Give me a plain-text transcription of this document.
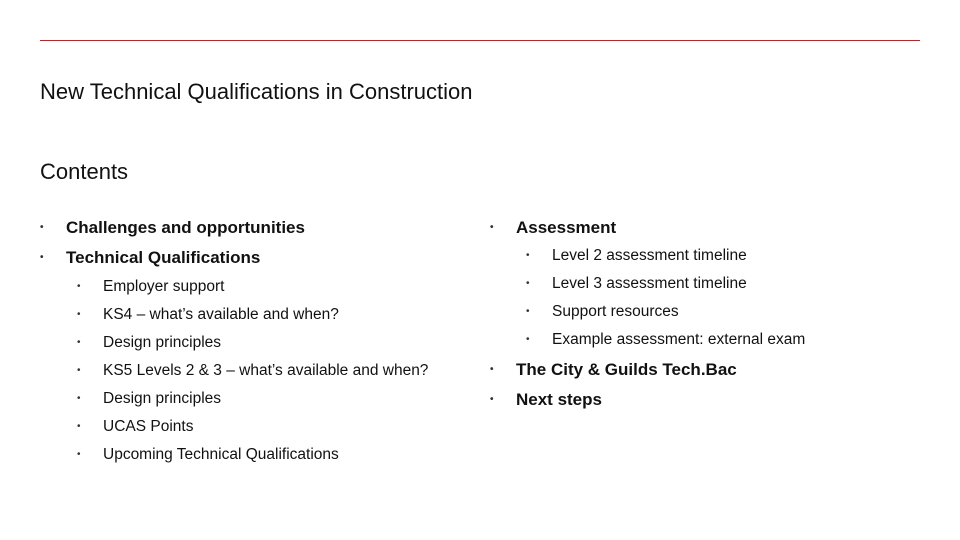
New Technical Qualifications in Construction
Contents
• Challenges and opportunities
• Technical Qualifications
• Employer support
• KS4 – what’s available and when?
• Design principles
• KS5 Levels 2 & 3 – what’s available and when?
• Design principles
• UCAS Points
• Upcoming Technical Qualifications
• Assessment
• Level 2 assessment timeline
• Level 3 assessment timeline
• Support resources
• Example assessment: external exam
• The City & Guilds Tech.Bac
• Next steps
